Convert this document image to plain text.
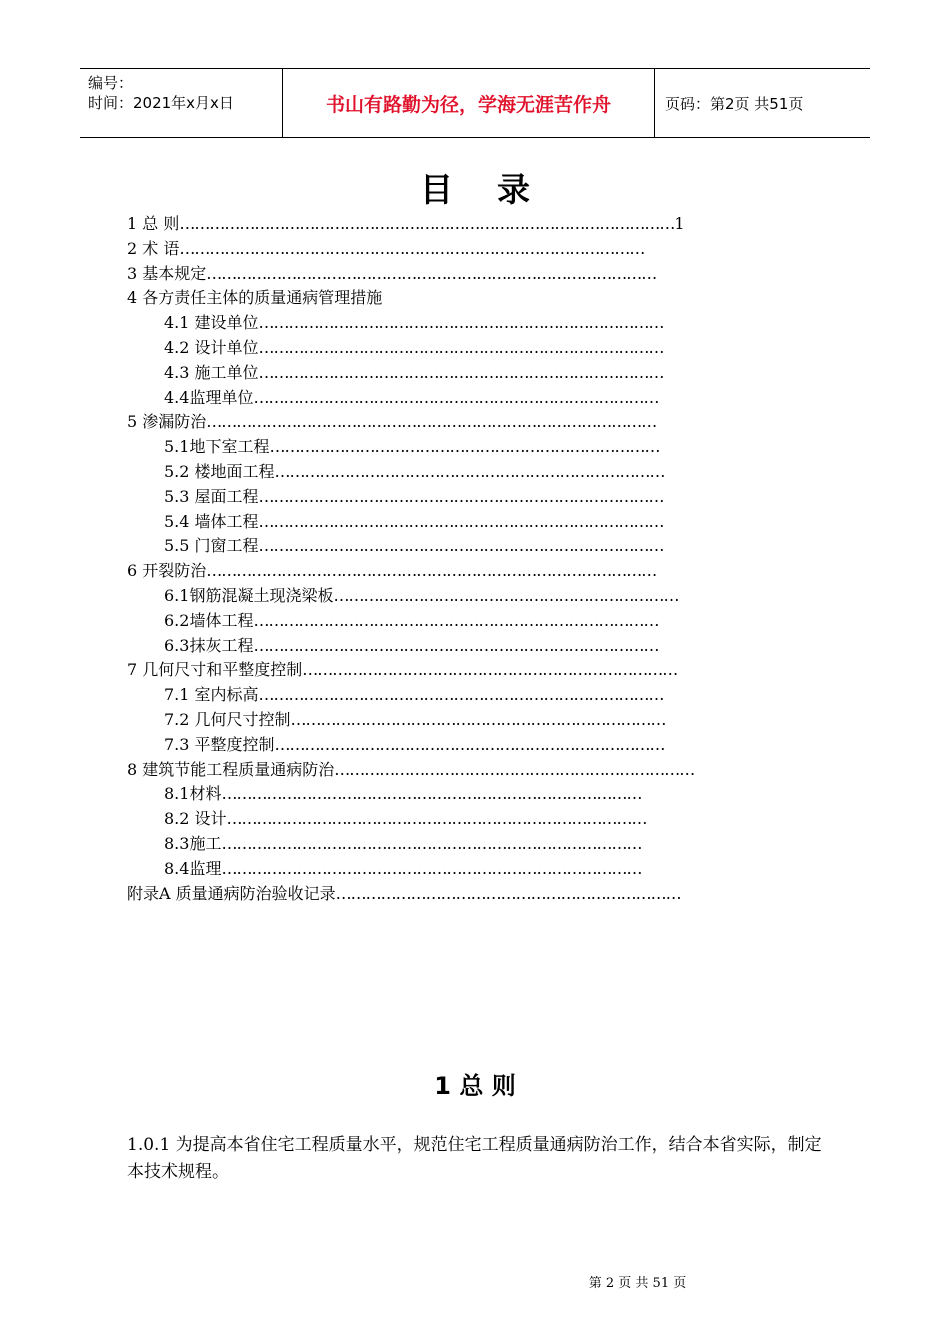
编号：
时间：2021年x月x日	书山有路勤为径，学海无涯苦作舟	页码：第2页 共51页
目录
1 总 则………………………………………………………………………………………1
2 术 语…………………………………………………………………………………
3 基本规定………………………………………………………………………………
4 各方责任主体的质量通病管理措施
4.1 建设单位………………………………………………………………………
4.2 设计单位………………………………………………………………………
4.3 施工单位………………………………………………………………………
4.4监理单位………………………………………………………………………
5 渗漏防治………………………………………………………………………………
5.1地下室工程……………………………………………………………………
5.2 楼地面工程……………………………………………………………………
5.3 屋面工程………………………………………………………………………
5.4 墙体工程………………………………………………………………………
5.5 门窗工程………………………………………………………………………
6 开裂防治………………………………………………………………………………
6.1钢筋混凝土现浇梁板……………………………………………………………
6.2墙体工程………………………………………………………………………
6.3抹灰工程………………………………………………………………………
7 几何尺寸和平整度控制…………………………………………………………………
7.1 室内标高………………………………………………………………………
7.2 几何尺寸控制…………………………………………………………………
7.3 平整度控制……………………………………………………………………
8 建筑节能工程质量通病防治………………………………………………………………
8.1材料…………………………………………………………………………
8.2 设计…………………………………………………………………………
8.3施工…………………………………………………………………………
8.4监理…………………………………………………………………………
附录A 质量通病防治验收记录……………………………………………………………
1 总 则
1.0.1 为提高本省住宅工程质量水平，规范住宅工程质量通病防治工作，结合本省实际，制定本技术规程。
第 2 页 共 51 页
